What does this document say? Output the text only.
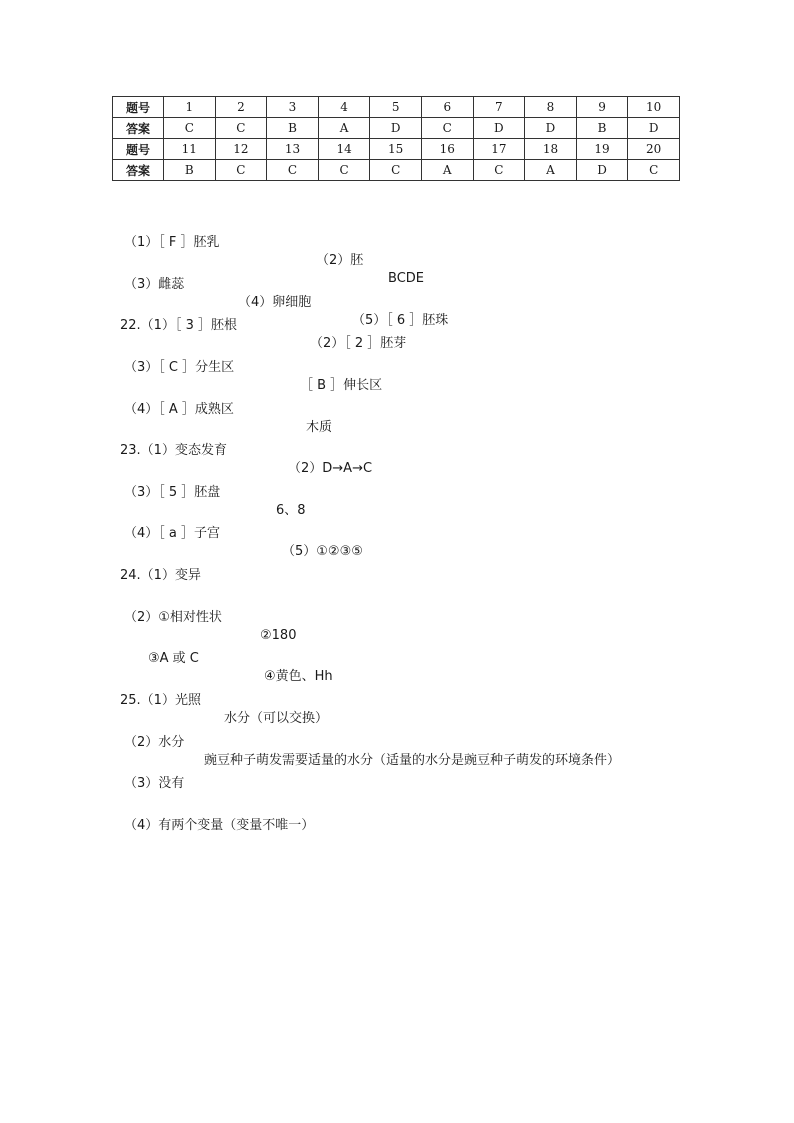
题号	1	2	3	4	5	6	7	8	9	10
答案	C	C	B	A	D	C	D	D	B	D
题号	11	12	13	14	15	16	17	18	19	20
答案	B	C	C	C	C	A	C	A	D	C

（1）［ F ］胚乳

（2）胚

BCDE

（3）雌蕊

（4）卵细胞

（5）［ 6 ］胚珠

22.（1）［ 3 ］胚根

（2）［ 2 ］胚芽

（3）［ C ］分生区

［ B ］伸长区

（4）［ A ］成熟区

木质

23.（1）变态发育

（2）D→A→C

（3）［ 5 ］胚盘

6、8

（4）［ a ］子宫

（5）①②③⑤

24.（1）变异

（2）①相对性状

②180

③A 或 C

④黄色、Hh

25.（1）光照

水分（可以交换）

（2）水分

豌豆种子萌发需要适量的水分（适量的水分是豌豆种子萌发的环境条件）

（3）没有

（4）有两个变量（变量不唯一）
